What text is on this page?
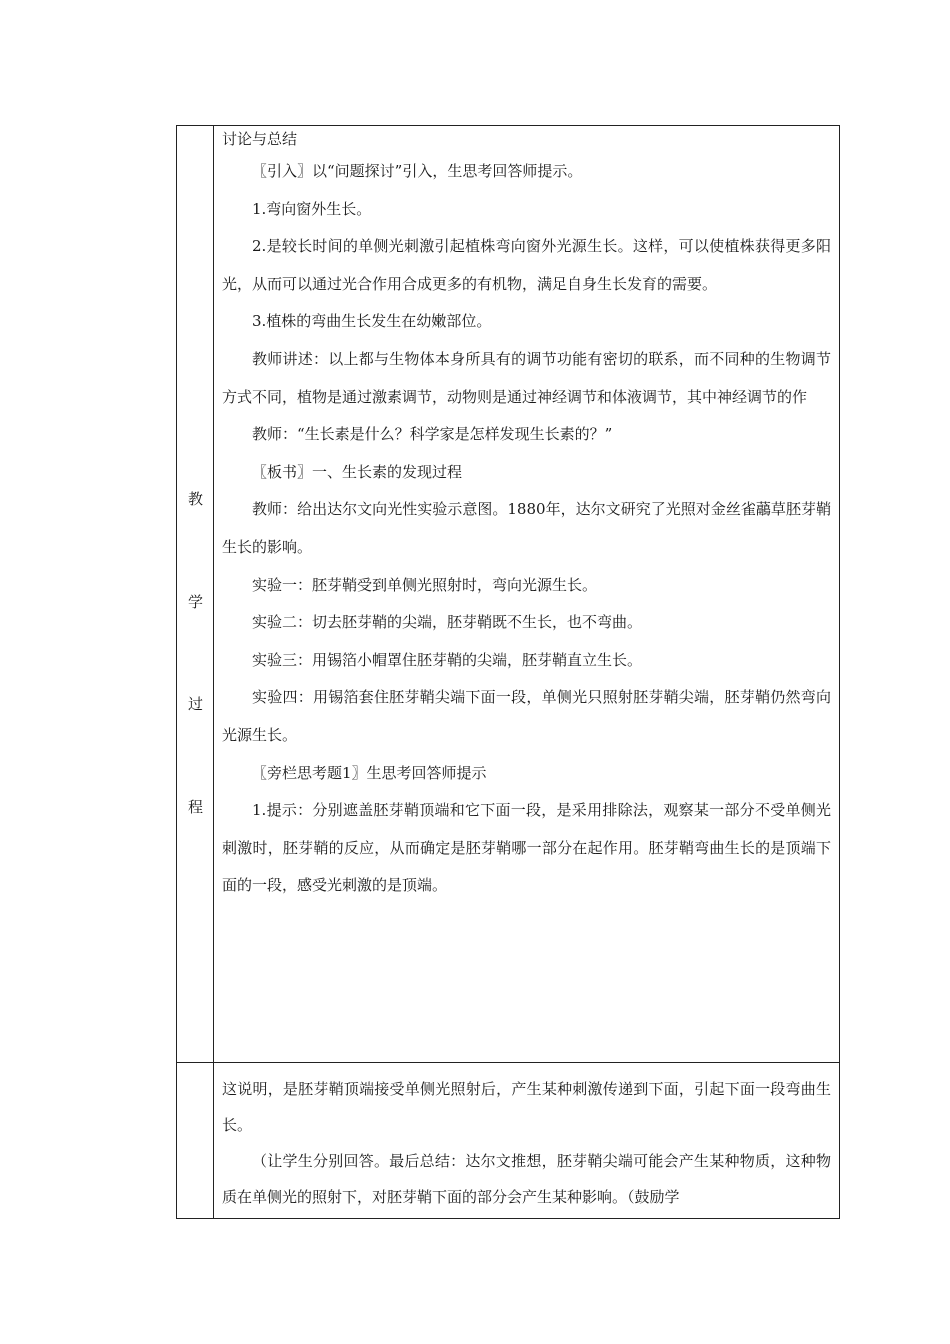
教
学
过
程

讨论与总结

〖引入〗以“问题探讨”引入，生思考回答师提示。

1.弯向窗外生长。

2.是较长时间的单侧光刺激引起植株弯向窗外光源生长。这样，可以使植株获得更多阳光，从而可以通过光合作用合成更多的有机物，满足自身生长发育的需要。

3.植株的弯曲生长发生在幼嫩部位。

教师讲述：以上都与生物体本身所具有的调节功能有密切的联系，而不同种的生物调节方式不同，植物是通过激素调节，动物则是通过神经调节和体液调节，其中神经调节的作

教师：“生长素是什么？科学家是怎样发现生长素的？”

〖板书〗一、生长素的发现过程

教师：给出达尔文向光性实验示意图。1880年，达尔文研究了光照对金丝雀虉草胚芽鞘生长的影响。

实验一：胚芽鞘受到单侧光照射时，弯向光源生长。

实验二：切去胚芽鞘的尖端，胚芽鞘既不生长，也不弯曲。

实验三：用锡箔小帽罩住胚芽鞘的尖端，胚芽鞘直立生长。

实验四：用锡箔套住胚芽鞘尖端下面一段，单侧光只照射胚芽鞘尖端，胚芽鞘仍然弯向光源生长。

〖旁栏思考题1〗生思考回答师提示

1.提示：分别遮盖胚芽鞘顶端和它下面一段，是采用排除法，观察某一部分不受单侧光刺激时，胚芽鞘的反应，从而确定是胚芽鞘哪一部分在起作用。胚芽鞘弯曲生长的是顶端下面的一段，感受光刺激的是顶端。

这说明，是胚芽鞘顶端接受单侧光照射后，产生某种刺激传递到下面，引起下面一段弯曲生长。

（让学生分别回答。最后总结：达尔文推想，胚芽鞘尖端可能会产生某种物质，这种物质在单侧光的照射下，对胚芽鞘下面的部分会产生某种影响。（鼓励学
